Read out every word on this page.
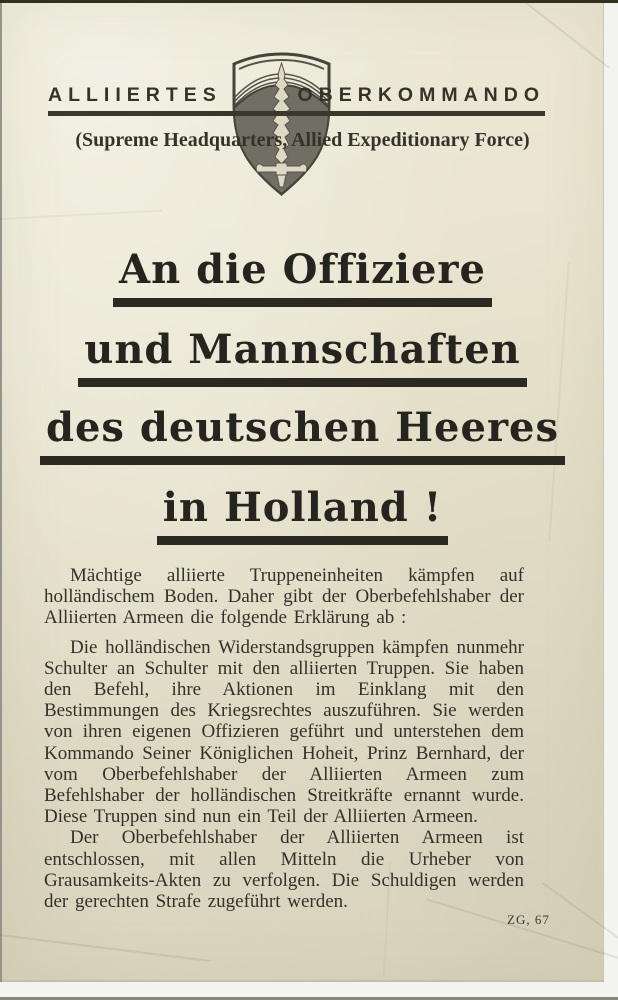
ALLIIERTES	OBERKOMMANDO
(Supreme Headquarters, Allied Expeditionary Force)
An die Offiziere
und Mannschaften
des deutschen Heeres
in Holland !

Mächtige alliierte Truppeneinheiten kämpfen auf holländischem Boden. Daher gibt der Oberbefehlshaber der Alliierten Armeen die folgende Erklärung ab :

Die holländischen Widerstandsgruppen kämpfen nunmehr Schulter an Schulter mit den alliierten Truppen. Sie haben den Befehl, ihre Aktionen im Einklang mit den Bestimmungen des Kriegsrechtes auszuführen. Sie werden von ihren eigenen Offizieren geführt und unterstehen dem Kommando Seiner Königlichen Hoheit, Prinz Bernhard, der vom Oberbefehlshaber der Alliierten Armeen zum Befehlshaber der holländischen Streitkräfte ernannt wurde. Diese Truppen sind nun ein Teil der Alliierten Armeen.

Der Oberbefehlshaber der Alliierten Armeen ist entschlossen, mit allen Mitteln die Urheber von Grausamkeits-Akten zu verfolgen. Die Schuldigen werden der gerechten Strafe zugeführt werden.

ZG, 67
